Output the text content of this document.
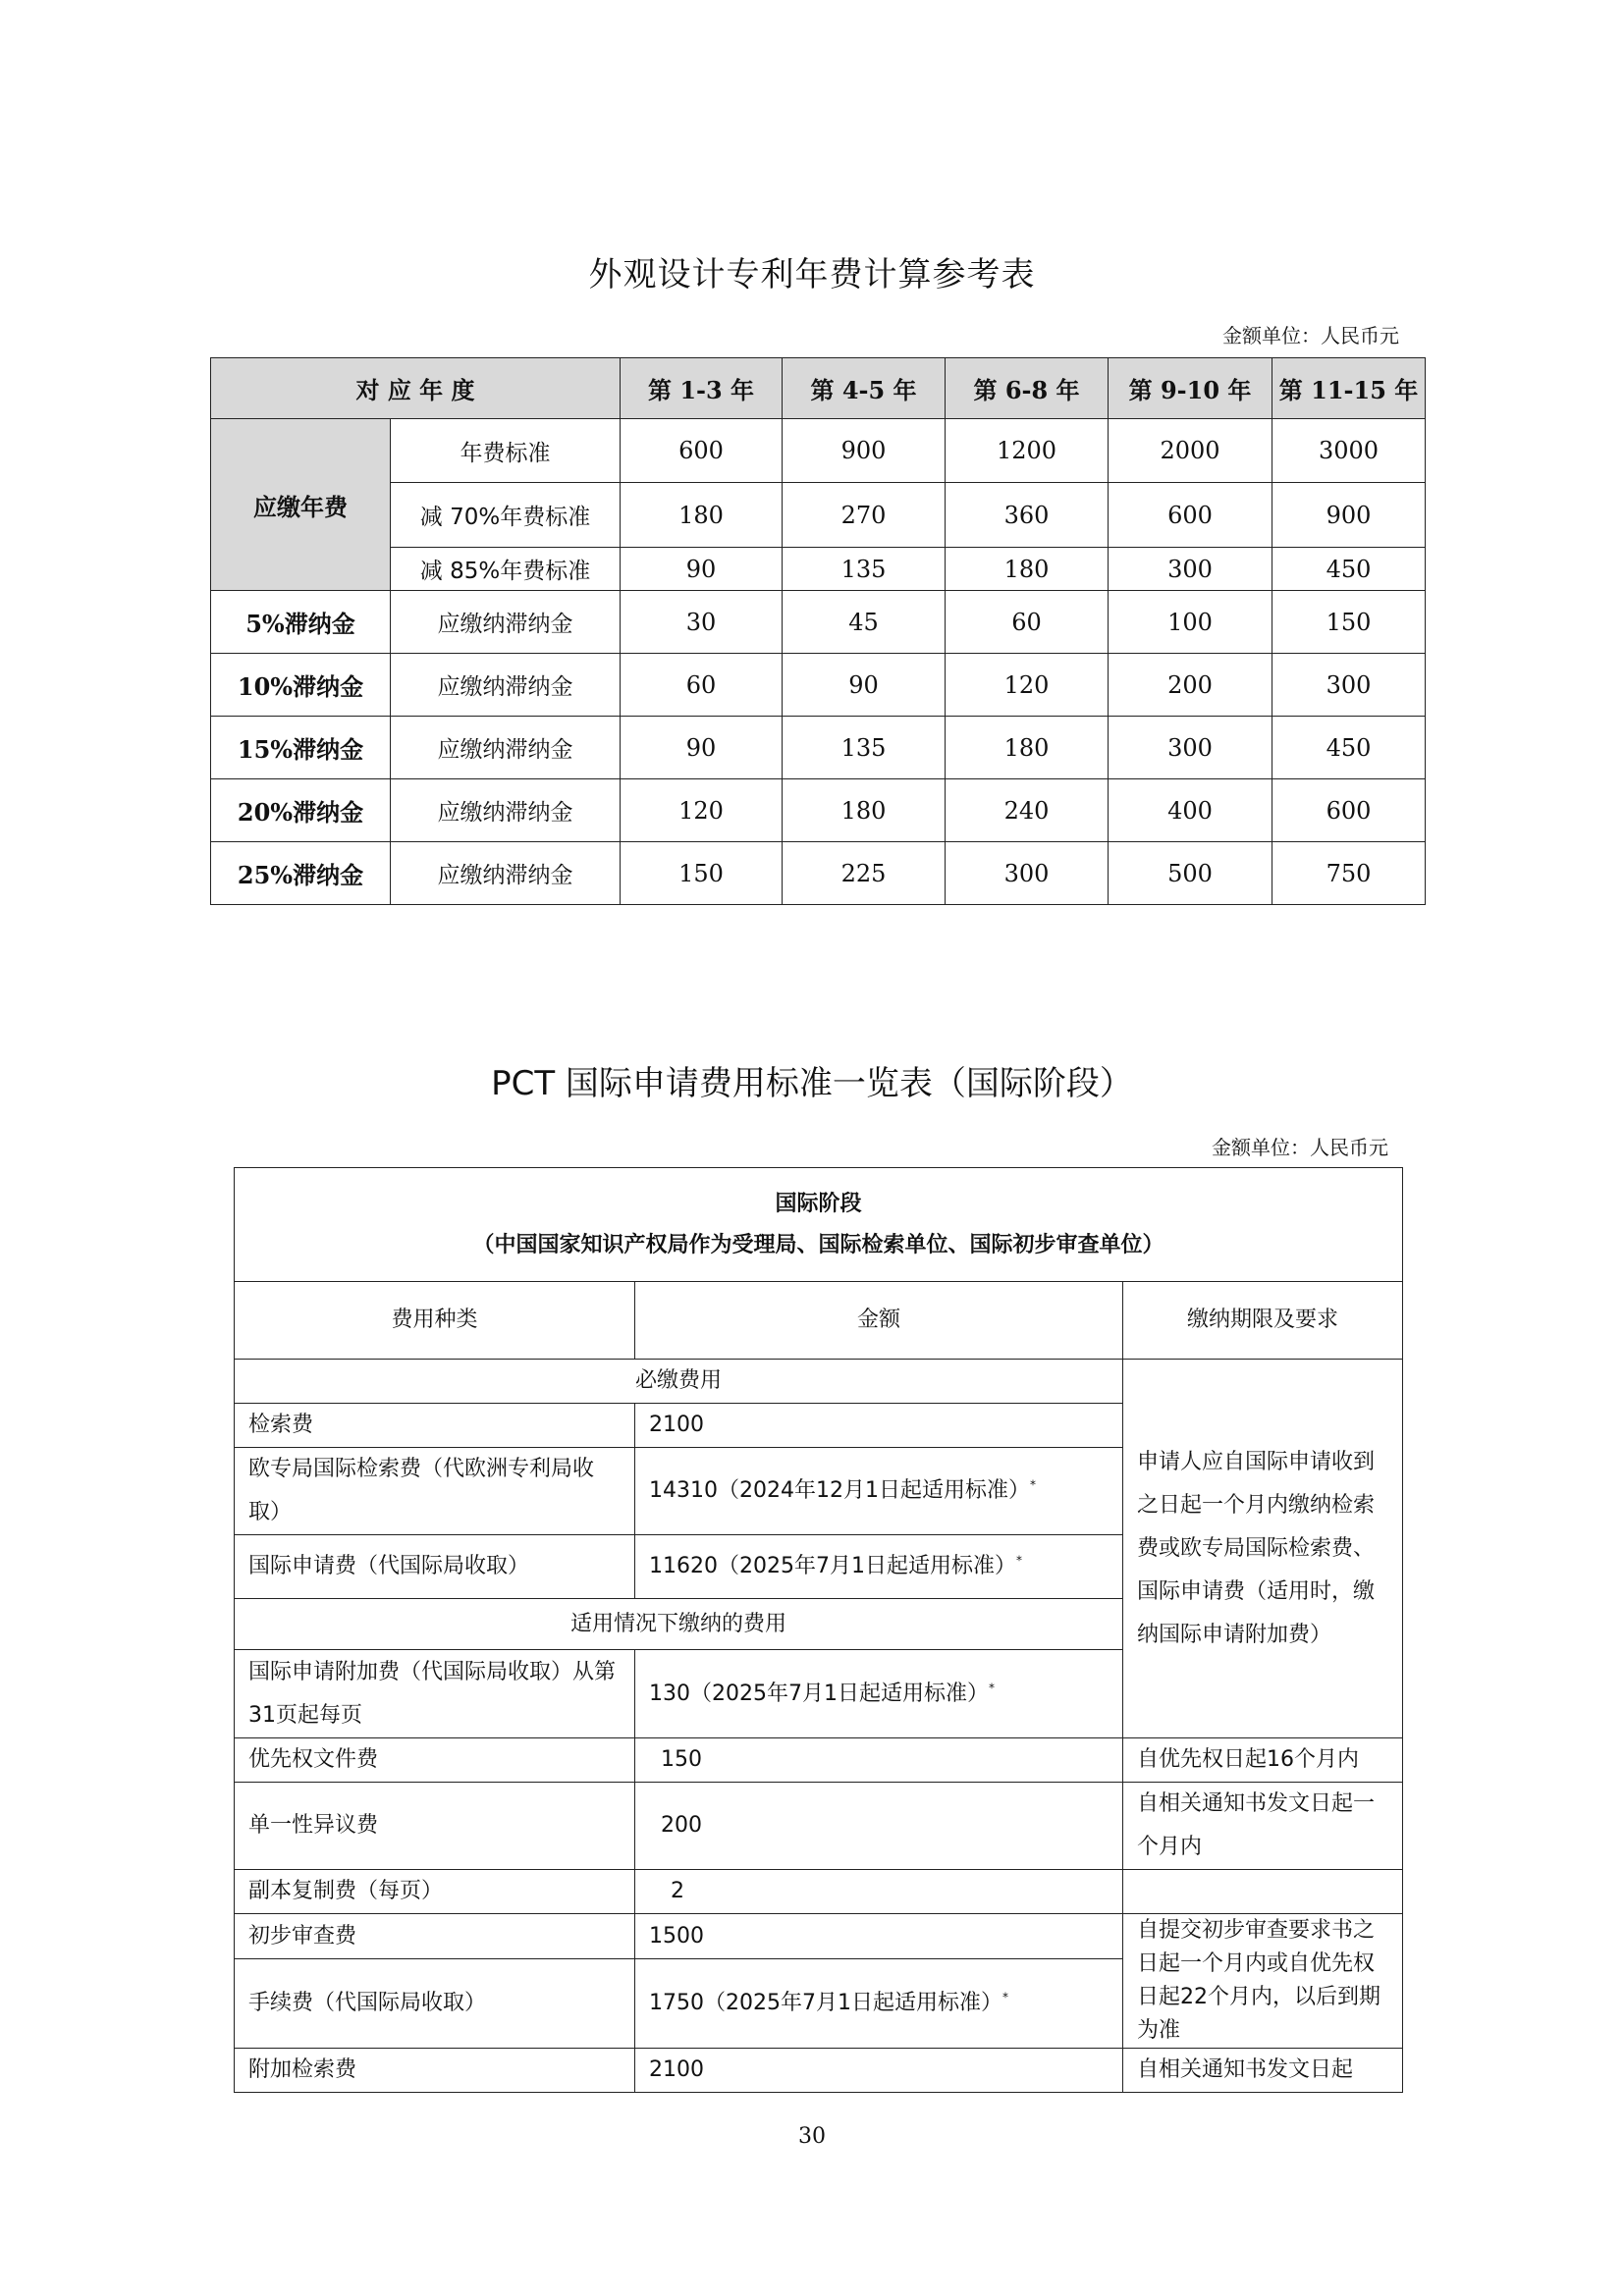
外观设计专利年费计算参考表
金额单位：人民币元
对 应 年 度		第 1-3 年	第 4-5 年	第 6-8 年	第 9-10 年	第 11-15 年
应缴年费	年费标准	600	900	1200	2000	3000
	减 70%年费标准	180	270	360	600	900
	减 85%年费标准	90	135	180	300	450
5%滞纳金	应缴纳滞纳金	30	45	60	100	150
10%滞纳金	应缴纳滞纳金	60	90	120	200	300
15%滞纳金	应缴纳滞纳金	90	135	180	300	450
20%滞纳金	应缴纳滞纳金	120	180	240	400	600
25%滞纳金	应缴纳滞纳金	150	225	300	500	750
PCT 国际申请费用标准一览表（国际阶段）
金额单位：人民币元
国际阶段
（中国国家知识产权局作为受理局、国际检索单位、国际初步审查单位）		

费用种类	金额	缴纳期限及要求
必缴费用		申请人应自国际申请收到之日起一个月内缴纳检索费或欧专局国际检索费、国际申请费（适用时，缴纳国际申请附加费）
检索费	2100	
欧专局国际检索费（代欧洲专利局收取）	14310（2024年12月1日起适用标准）*
国际申请费（代国际局收取）	11620（2025年7月1日起适用标准）*
适用情况下缴纳的费用		
国际申请附加费（代国际局收取）从第31页起每页	130（2025年7月1日起适用标准）*
优先权文件费	150	自优先权日起16个月内
单一性异议费	200	自相关通知书发文日起一个月内
副本复制费（每页）	2	
初步审查费	1500	自提交初步审查要求书之日起一个月内或自优先权日起22个月内，以后到期为准
手续费（代国际局收取）	1750（2025年7月1日起适用标准）*
附加检索费	2100	自相关通知书发文日起
30
